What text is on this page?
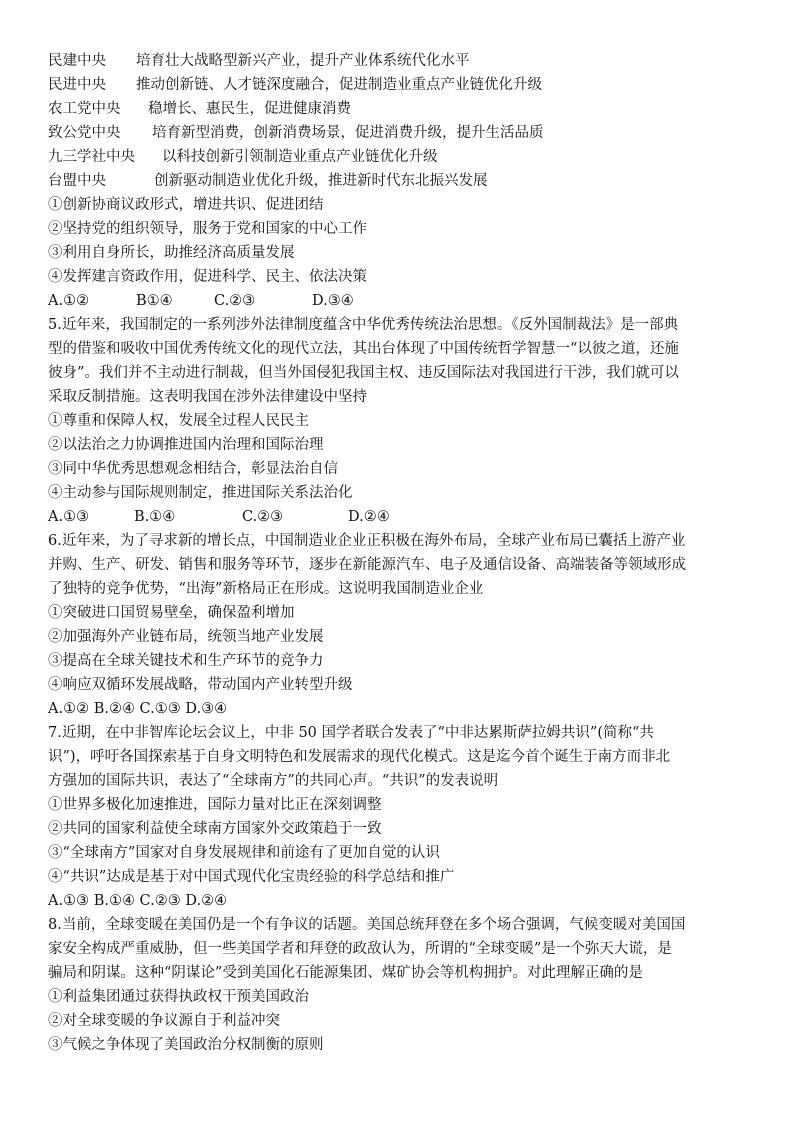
民建中央 培育壮大战略型新兴产业，提升产业体系统代化水平
民进中央 推动创新链、人才链深度融合，促进制造业重点产业链优化升级
农工党中央 稳增长、惠民生，促进健康消费
致公党中央 培育新型消费，创新消费场景，促进消费升级，提升生活品质
九三学社中央 以科技创新引领制造业重点产业链优化升级
台盟中央	创新驱动制造业优化升级，推进新时代东北振兴发展
①创新协商议政形式，增进共识、促进团结
②坚持党的组织领导，服务于党和国家的中心工作
③利用自身所长，助推经济高质量发展
④发挥建言资政作用，促进科学、民主、依法决策
A.①②	B①④	C.②③	D.③④
5.近年来，我国制定的一系列涉外法律制度蕴含中华优秀传统法治思想。《反外国制裁法》是一部典
型的借鉴和吸收中国优秀传统文化的现代立法，其出台体现了中国传统哲学智慧一“以彼之道，还施
彼身”。我们并不主动进行制裁，但当外国侵犯我国主权、违反国际法对我国进行干涉，我们就可以
采取反制措施。这表明我国在涉外法律建设中坚持
①尊重和保障人权，发展全过程人民民主
②以法治之力协调推进国内治理和国际治理
③同中华优秀思想观念相结合，彰显法治自信
④主动参与国际规则制定，推进国际关系法治化
A.①③	B.①④	C.②③	D.②④
6.近年来，为了寻求新的增长点，中国制造业企业正积极在海外布局，全球产业布局已囊括上游产业
并购、生产、研发、销售和服务等环节，逐步在新能源汽车、电子及通信设备、高端装备等领域形成
了独特的竞争优势，“出海”新格局正在形成。这说明我国制造业企业
①突破进口国贸易壁垒，确保盈利增加
②加强海外产业链布局，统领当地产业发展
③提高在全球关键技术和生产环节的竞争力
④响应双循环发展战略，带动国内产业转型升级
A.①② B.②④ C.①③ D.③④
7.近期，在中非智库论坛会议上，中非 50 国学者联合发表了“中非达累斯萨拉姆共识”(简称“共
识”)，呼吁各国探索基于自身文明特色和发展需求的现代化模式。这是迄今首个诞生于南方而非北
方强加的国际共识，表达了“全球南方”的共同心声。“共识”的发表说明
①世界多极化加速推进，国际力量对比正在深刻调整
②共同的国家利益使全球南方国家外交政策趋于一致
③“全球南方”国家对自身发展规律和前途有了更加自觉的认识
④“共识”达成是基于对中国式现代化宝贵经验的科学总结和推广
A.①③ B.①④ C.②③ D.②④
8.当前，全球变暖在美国仍是一个有争议的话题。美国总统拜登在多个场合强调，气候变暖对美国国
家安全构成严重威胁，但一些美国学者和拜登的政敌认为，所谓的“全球变暖”是一个弥天大谎，是
骗局和阴谋。这种“阴谋论”受到美国化石能源集团、煤矿协会等机构拥护。对此理解正确的是
①利益集团通过获得执政权干预美国政治
②对全球变暖的争议源自于利益冲突
③气候之争体现了美国政治分权制衡的原则
